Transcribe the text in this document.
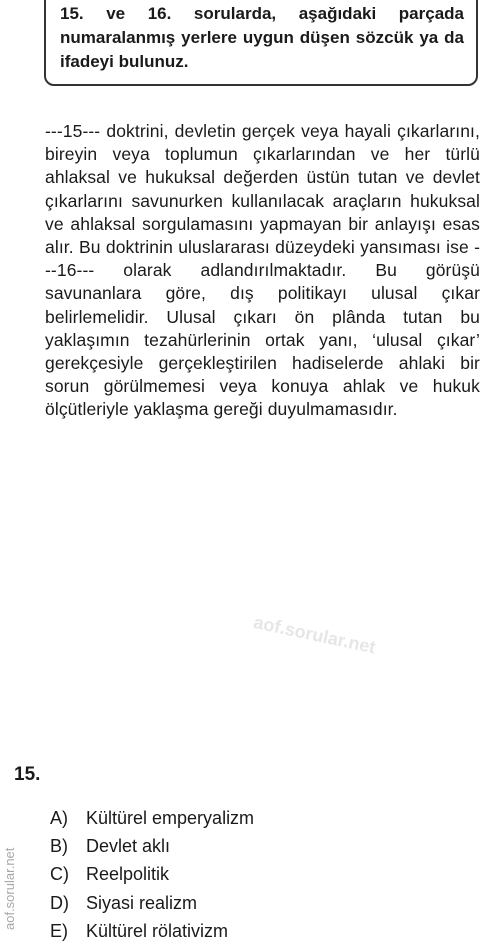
15. ve 16. sorularda, aşağıdaki parçada numaralanmış yerlere uygun düşen sözcük ya da ifadeyi bulunuz.

---15--- doktrini, devletin gerçek veya hayali çıkarlarını, bireyin veya toplumun çıkarlarından ve her türlü ahlaksal ve hukuksal değerden üstün tutan ve devlet çıkarlarını savunurken kullanılacak araçların hukuksal ve ahlaksal sorgulamasını yapmayan bir anlayışı esas alır. Bu doktrinin uluslararası düzeydeki yansıması ise ---16--- olarak adlandırılmaktadır. Bu görüşü savunanlara göre, dış politikayı ulusal çıkar belirlemelidir. Ulusal çıkarı ön plânda tutan bu yaklaşımın tezahürlerinin ortak yanı, ‘ulusal çıkar’ gerekçesiyle gerçekleştirilen hadiselerde ahlaki bir sorun görülmemesi veya konuya ahlak ve hukuk ölçütleriyle yaklaşma gereği duyulmamasıdır.

aof.sorular.net
aof.sorular.net
15.
A)	Kültürel emperyalizm
B)	Devlet aklı
C) Reelpolitik
D) Siyasi realizm
E)	Kültürel rölativizm
